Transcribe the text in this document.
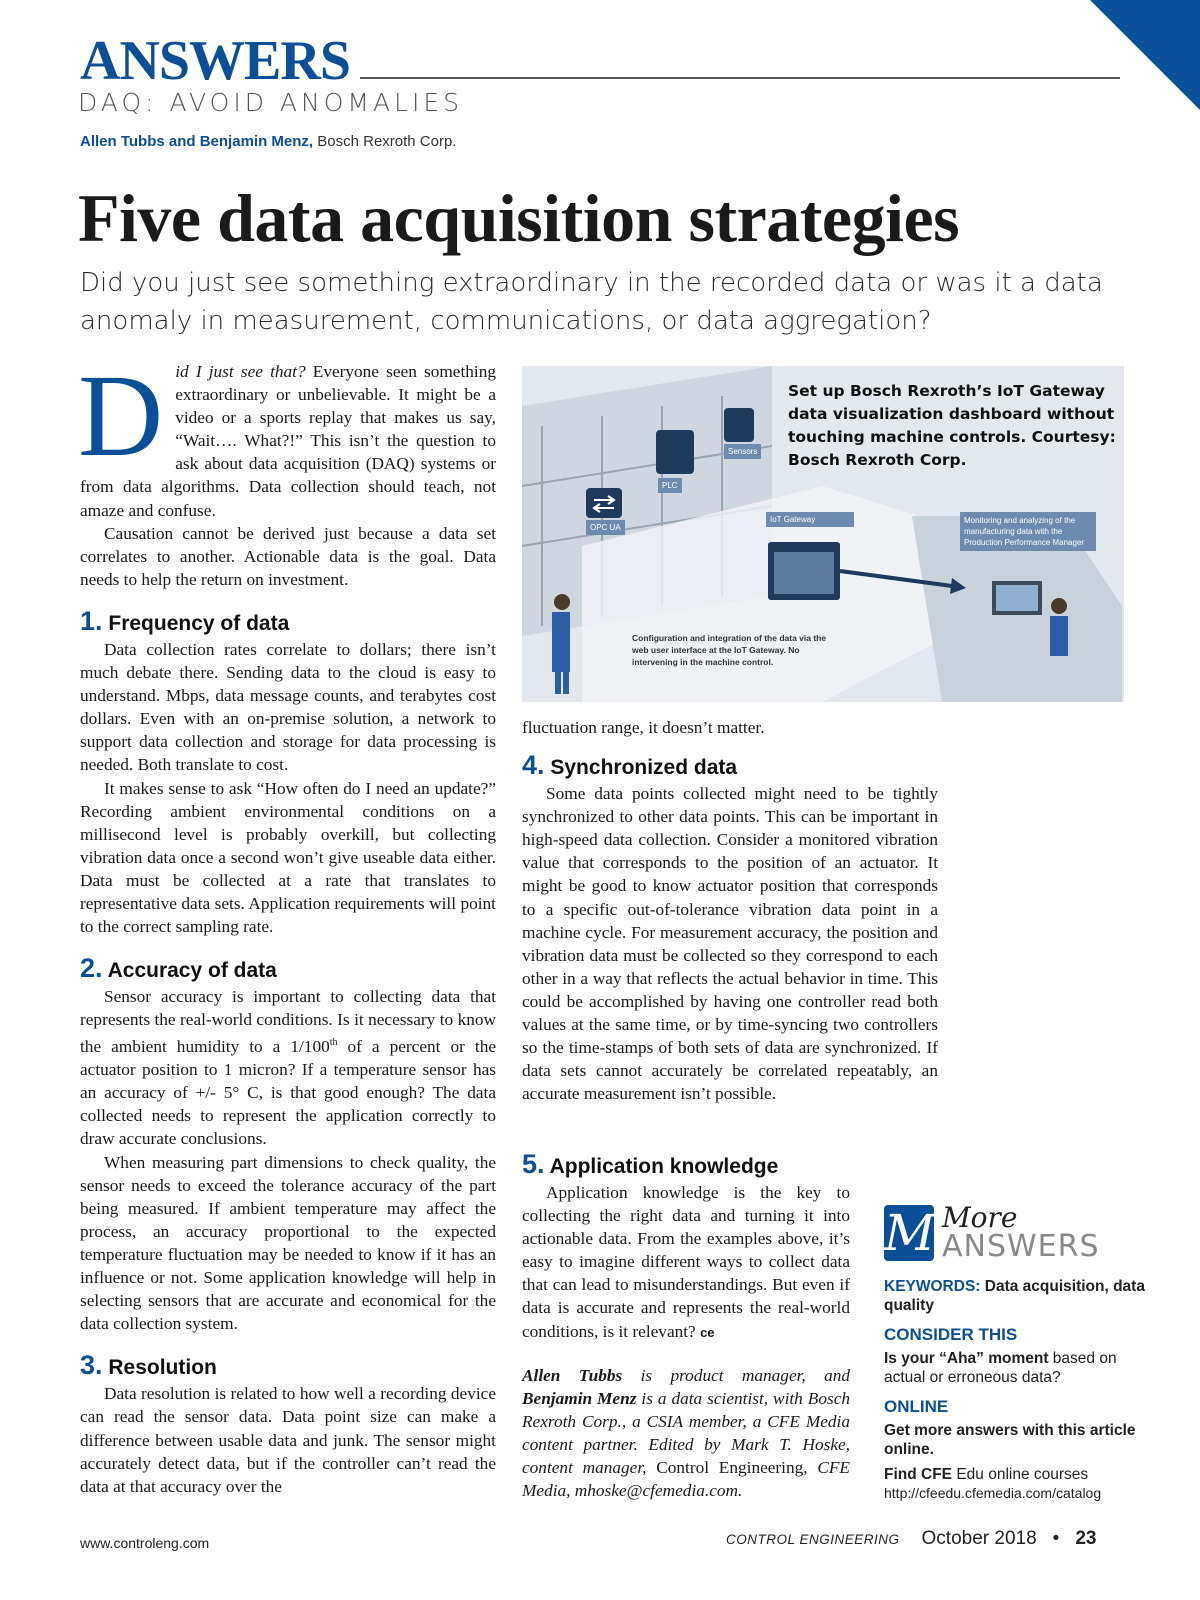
ANSWERS
DAQ: AVOID ANOMALIES
Allen Tubbs and Benjamin Menz, Bosch Rexroth Corp.
Five data acquisition strategies
Did you just see something extraordinary in the recorded data or was it a data anomaly in measurement, communications, or data aggregation?

Did I just see that? Everyone seen something extraordinary or unbelievable. It might be a video or a sports replay that makes us say, “Wait…. What?!” This isn’t the question to ask about data acquisition (DAQ) systems or from data algorithms. Data collection should teach, not amaze and confuse.

Causation cannot be derived just because a data set correlates to another. Actionable data is the goal. Data needs to help the return on investment.

1. Frequency of data

Data collection rates correlate to dollars; there isn’t much debate there. Sending data to the cloud is easy to understand. Mbps, data message counts, and terabytes cost dollars. Even with an on-premise solution, a network to support data collection and storage for data processing is needed. Both translate to cost.

It makes sense to ask “How often do I need an update?” Recording ambient environmental conditions on a millisecond level is probably overkill, but collecting vibration data once a second won’t give useable data either. Data must be collected at a rate that translates to representative data sets. Application requirements will point to the correct sampling rate.

2. Accuracy of data

Sensor accuracy is important to collecting data that represents the real-world conditions. Is it necessary to know the ambient humidity to a 1/100th of a percent or the actuator position to 1 micron? If a temperature sensor has an accuracy of +/- 5° C, is that good enough? The data collected needs to represent the application correctly to draw accurate conclusions.

When measuring part dimensions to check quality, the sensor needs to exceed the tolerance accuracy of the part being measured. If ambient temperature may affect the process, an accuracy proportional to the expected temperature fluctuation may be needed to know if it has an influence or not. Some application knowledge will help in selecting sensors that are accurate and economical for the data collection system.

3. Resolution

Data resolution is related to how well a recording device can read the sensor data. Data point size can make a difference between usable data and junk. The sensor might accurately detect data, but if the controller can’t read the data at that accuracy over the

Set up Bosch Rexroth’s IoT Gateway data visualization dashboard without touching machine controls. Courtesy: Bosch Rexroth Corp.
Sensors
PLC
OPC UA
IoT Gateway	Monitoring and analyzing of the manufacturing data with the Production Performance Manager
Configuration and integration of the data via the web user interface at the IoT Gateway. No intervening in the machine control.

fluctuation range, it doesn’t matter.

4. Synchronized data

Some data points collected might need to be tightly synchronized to other data points. This can be important in high-speed data collection. Consider a monitored vibration value that corresponds to the position of an actuator. It might be good to know actuator position that corresponds to a specific out-of-tolerance vibration data point in a machine cycle. For measurement accuracy, the position and vibration data must be collected so they correspond to each other in a way that reflects the actual behavior in time. This could be accomplished by having one controller read both values at the same time, or by time-syncing two controllers so the time-stamps of both sets of data are synchronized. If data sets cannot accurately be correlated repeatably, an accurate measurement isn’t possible.

5. Application knowledge

Application knowledge is the key to collecting the right data and turning it into actionable data. From the examples above, it’s easy to imagine different ways to collect data that can lead to misunderstandings. But even if data is accurate and represents the real-world conditions, is it relevant? ce

Allen Tubbs is product manager, and Benjamin Menz is a data scientist, with Bosch Rexroth Corp., a CSIA member, a CFE Media content partner. Edited by Mark T. Hoske, content manager, Control Engineering, CFE Media, mhoske@cfemedia.com.

M More
ANSWERS
KEYWORDS: Data acquisition, data quality
CONSIDER THIS
Is your “Aha” moment based on actual or erroneous data?
ONLINE
Get more answers with this article online.
Find CFE Edu online courses
http://cfeedu.cfemedia.com/catalog
www.controleng.com	CONTROL ENGINEERING October 2018 • 23
